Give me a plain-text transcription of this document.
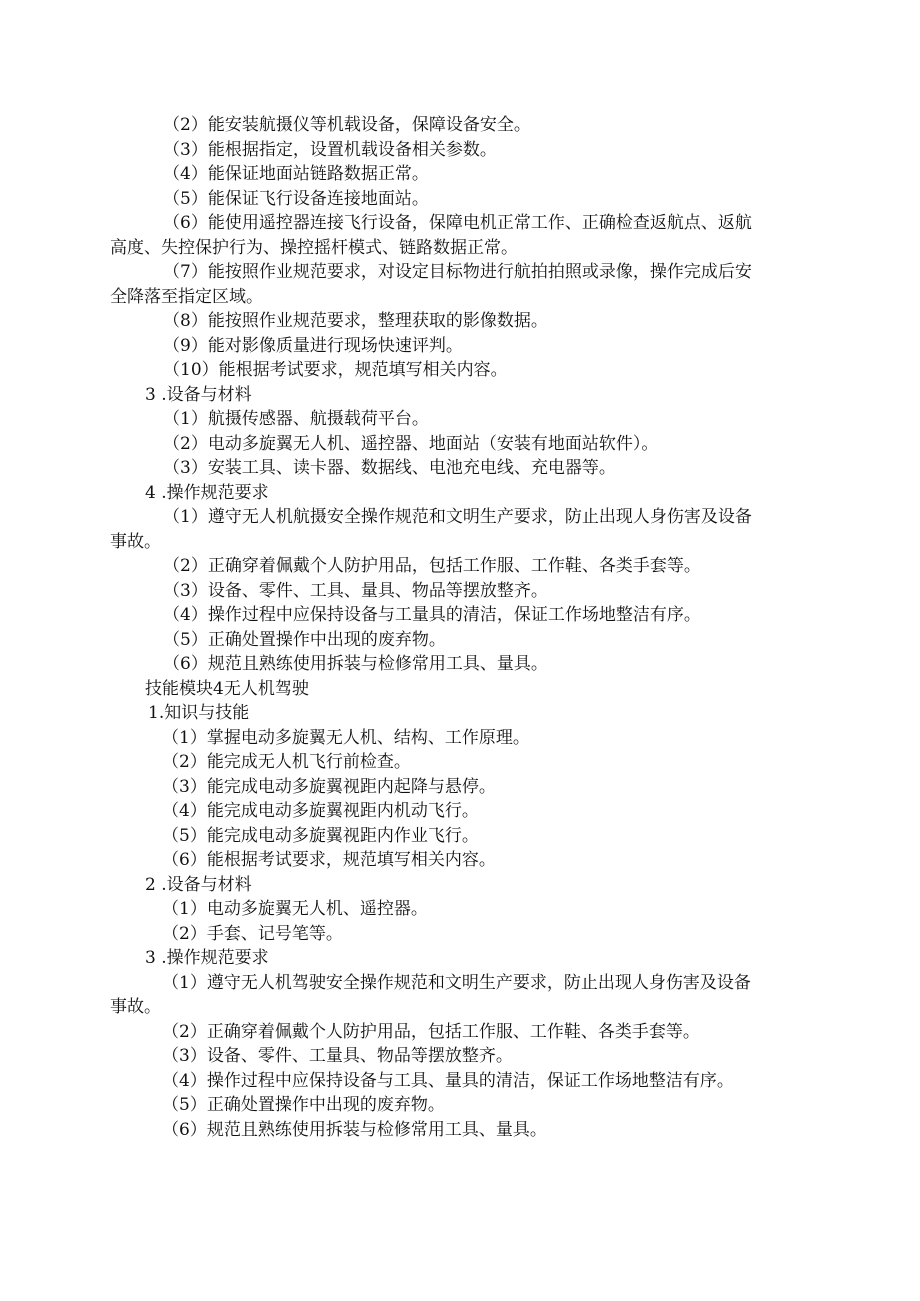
（2）能安装航摄仪等机载设备，保障设备安全。
（3）能根据指定，设置机载设备相关参数。
（4）能保证地面站链路数据正常。
（5）能保证飞行设备连接地面站。
（6）能使用遥控器连接飞行设备，保障电机正常工作、正确检查返航点、返航
高度、失控保护行为、操控摇杆模式、链路数据正常。
（7）能按照作业规范要求，对设定目标物进行航拍拍照或录像，操作完成后安
全降落至指定区域。
（8）能按照作业规范要求，整理获取的影像数据。
（9）能对影像质量进行现场快速评判。
（10）能根据考试要求，规范填写相关内容。
3 .设备与材料
（1）航摄传感器、航摄载荷平台。
（2）电动多旋翼无人机、遥控器、地面站（安装有地面站软件）。
（3）安装工具、读卡器、数据线、电池充电线、充电器等。
4 .操作规范要求
（1）遵守无人机航摄安全操作规范和文明生产要求，防止出现人身伤害及设备
事故。
（2）正确穿着佩戴个人防护用品，包括工作服、工作鞋、各类手套等。
（3）设备、零件、工具、量具、物品等摆放整齐。
（4）操作过程中应保持设备与工量具的清洁，保证工作场地整洁有序。
（5）正确处置操作中出现的废弃物。
（6）规范且熟练使用拆装与检修常用工具、量具。
技能模块4无人机驾驶
1.知识与技能
（1）掌握电动多旋翼无人机、结构、工作原理。
（2）能完成无人机飞行前检查。
（3）能完成电动多旋翼视距内起降与悬停。
（4）能完成电动多旋翼视距内机动飞行。
（5）能完成电动多旋翼视距内作业飞行。
（6）能根据考试要求，规范填写相关内容。
2 .设备与材料
（1）电动多旋翼无人机、遥控器。
（2）手套、记号笔等。
3 .操作规范要求
（1）遵守无人机驾驶安全操作规范和文明生产要求，防止出现人身伤害及设备
事故。
（2）正确穿着佩戴个人防护用品，包括工作服、工作鞋、各类手套等。
（3）设备、零件、工量具、物品等摆放整齐。
（4）操作过程中应保持设备与工具、量具的清洁，保证工作场地整洁有序。
（5）正确处置操作中出现的废弃物。
（6）规范且熟练使用拆装与检修常用工具、量具。
